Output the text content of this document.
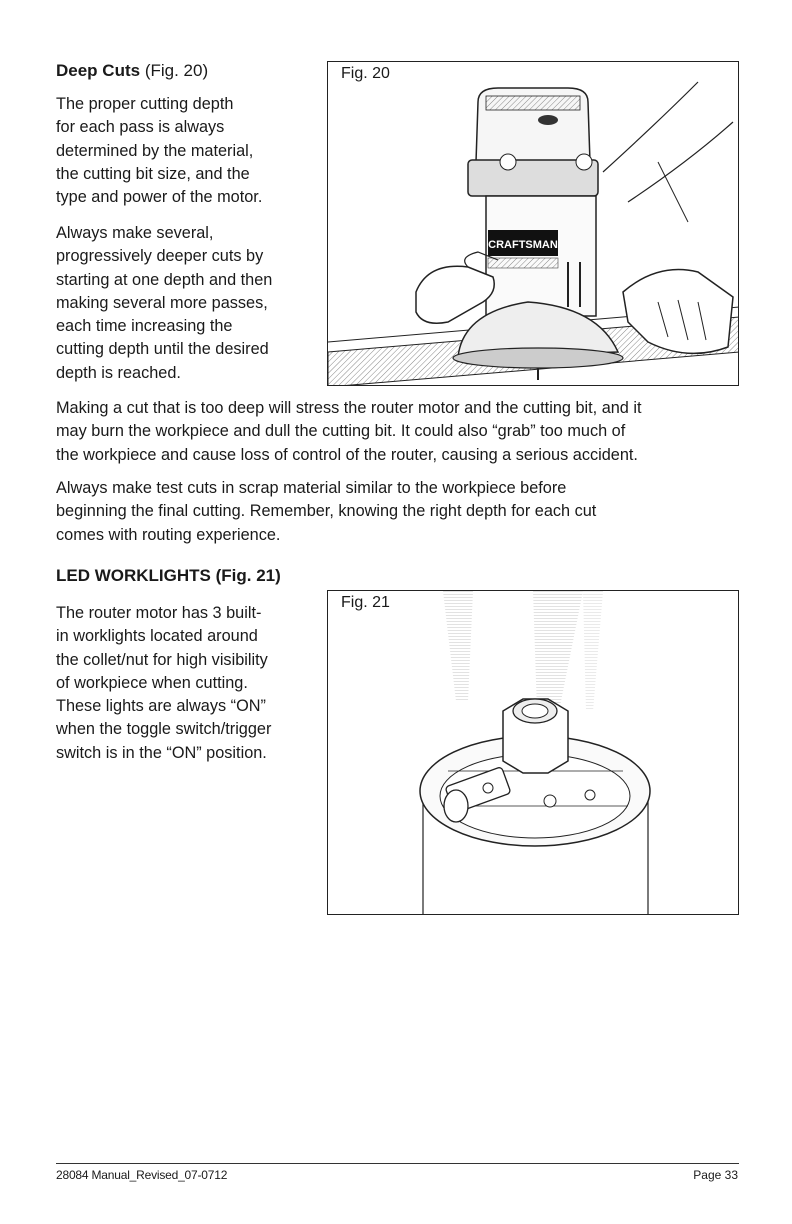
Deep Cuts (Fig. 20)
The proper cutting depth
for each pass is always
determined by the material,
the cutting bit size, and the
type and power of the motor.
Always make several,
progressively deeper cuts by
starting at one depth and then
making several more passes,
each time increasing the
cutting depth until the desired
depth is reached.
Fig. 20
CRAFTSMAN
Making a cut that is too deep will stress the router motor and the cutting bit, and it
may burn the workpiece and dull the cutting bit. It could also “grab” too much of
the workpiece and cause loss of control of the router, causing a serious accident.
Always make test cuts in scrap material similar to the workpiece before
beginning the final cutting. Remember, knowing the right depth for each cut
comes with routing experience.
LED WORKLIGHTS (Fig. 21)
The router motor has 3 built-
in worklights located around
the collet/nut for high visibility
of workpiece when cutting.
These lights are always “ON”
when the toggle switch/trigger
switch is in the “ON” position.
Fig. 21
28084 Manual_Revised_07-0712	Page 33
